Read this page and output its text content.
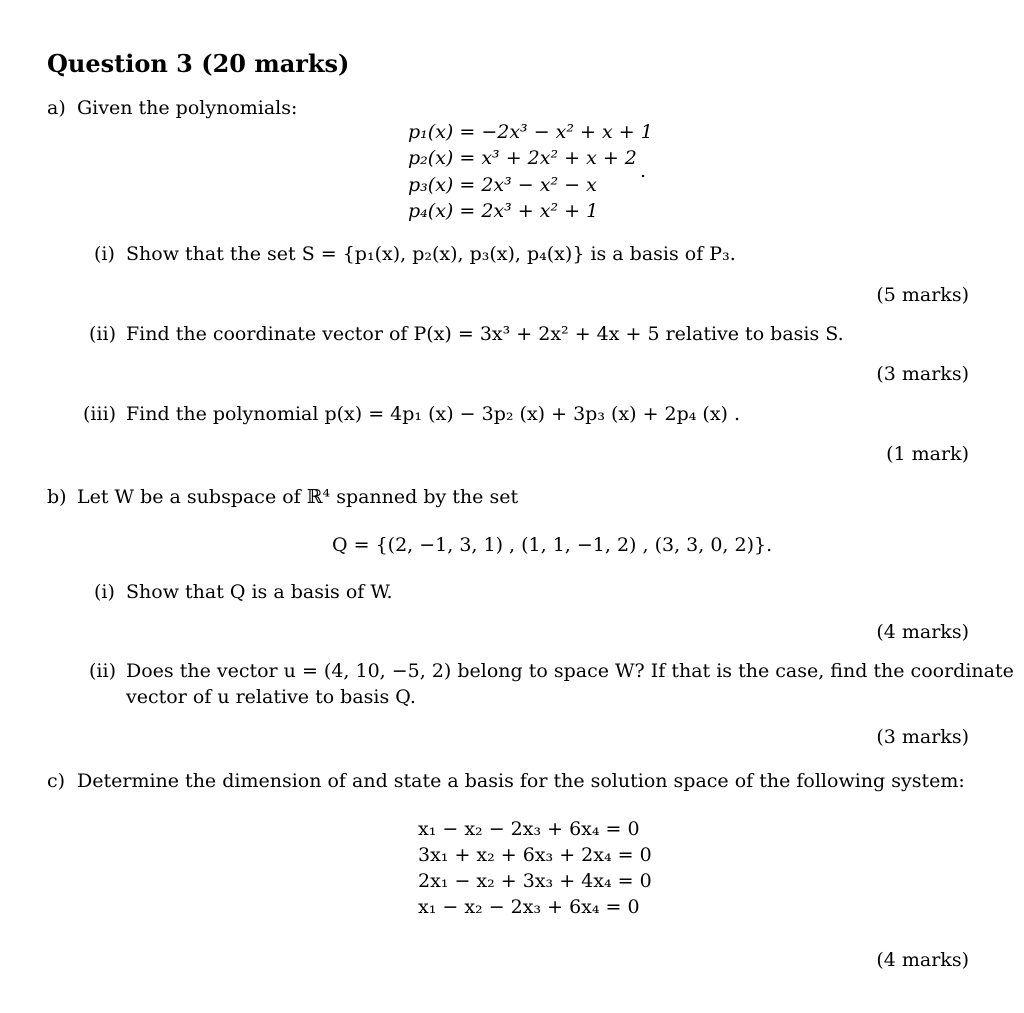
Question 3 (20 marks)
a) Given the polynomials:
p₁(x) = −2x³ − x² + x + 1
p₂(x) = x³ + 2x² + x + 2
p₃(x) = 2x³ − x² − x
p₄(x) = 2x³ + x² + 1
.
(i) Show that the set S = {p₁(x), p₂(x), p₃(x), p₄(x)} is a basis of P₃.
(5 marks)
(ii) Find the coordinate vector of P(x) = 3x³ + 2x² + 4x + 5 relative to basis S.
(3 marks)
(iii) Find the polynomial p(x) = 4p₁ (x) − 3p₂ (x) + 3p₃ (x) + 2p₄ (x) .
(1 mark)
b) Let W be a subspace of ℝ⁴ spanned by the set
Q = {(2, −1, 3, 1) , (1, 1, −1, 2) , (3, 3, 0, 2)}.
(i) Show that Q is a basis of W.
(4 marks)
(ii) Does the vector u = (4, 10, −5, 2) belong to space W? If that is the case, find the coordinate
vector of u relative to basis Q.
(3 marks)
c) Determine the dimension of and state a basis for the solution space of the following system:
x₁ − x₂ − 2x₃ + 6x₄ = 0
3x₁ + x₂ + 6x₃ + 2x₄ = 0
2x₁ − x₂ + 3x₃ + 4x₄ = 0
x₁ − x₂ − 2x₃ + 6x₄ = 0
(4 marks)
